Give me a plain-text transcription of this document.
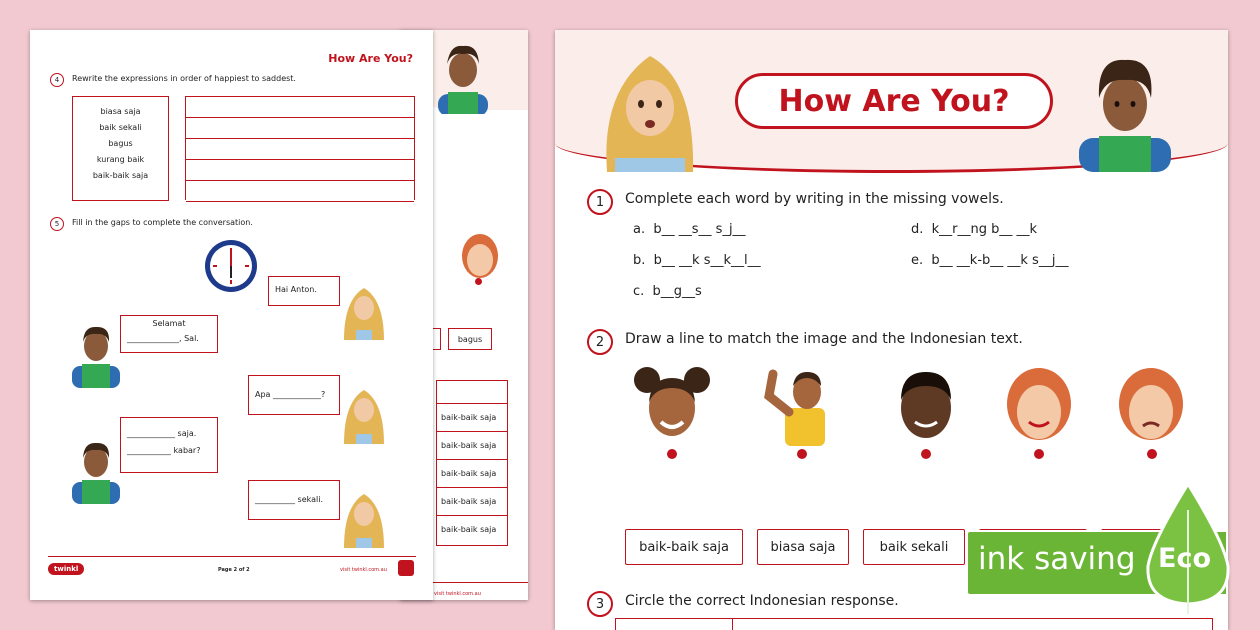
bagus
baik-baik saja
baik-baik saja
baik-baik saja
baik-baik saja
baik-baik saja
visit twinkl.com.au
How Are You?
4	Rewrite the expressions in order of happiest to saddest.
biasa saja
baik sekali
bagus
kurang baik
baik-baik saja
5	Fill in the gaps to complete the conversation.
Hai Anton.
Selamat
_____________, Sal.
Apa ____________?
____________ saja.
___________ kabar?
__________ sekali.
twinkl	Page 2 of 2	visit twinkl.com.au
How Are You?
1	Complete each word by writing in the missing vowels.
a. b__ __s__ s_j__
b. b__ __k s__k__l__
c. b__g__s
d. k__r__ng b__ __k
e. b__ __k-b__ __k s__j__
2	Draw a line to match the image and the Indonesian text.
baik-baik saja	biasa saja	baik sekali
3	Circle the correct Indonesian response.
ink saving Eco
